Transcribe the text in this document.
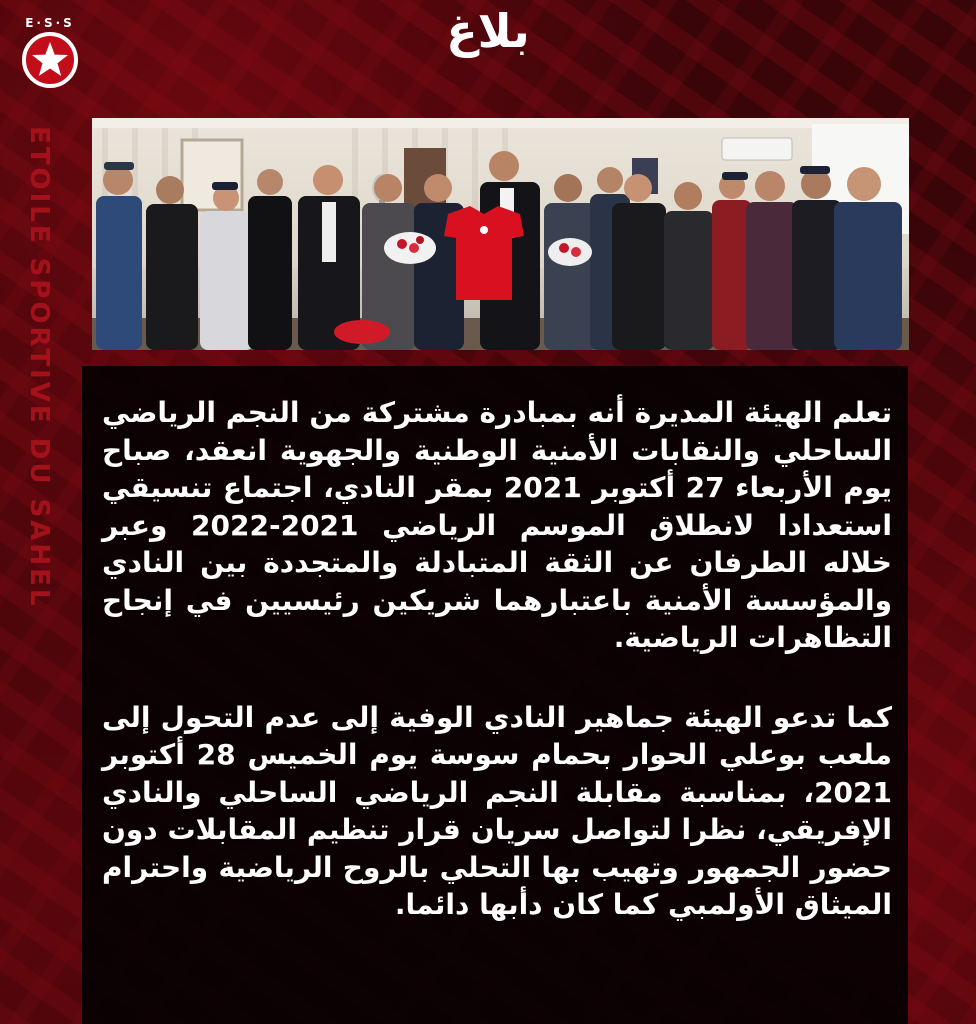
E·S·S	بلاغ
ETOILE SPORTIVE DU SAHEL تعلم الهيئة المديرة أنه بمبادرة مشتركة من النجم الرياضي الساحلي والنقابات الأمنية الوطنية والجهوية انعقد، صباح يوم الأربعاء 27 أكتوبر 2021 بمقر النادي، اجتماع تنسيقي استعدادا لانطلاق الموسم الرياضي 2021-2022 وعبر خلاله الطرفان عن الثقة المتبادلة والمتجددة بين النادي والمؤسسة الأمنية باعتبارهما شريكين رئيسيين في إنجاح التظاهرات الرياضية.

كما تدعو الهيئة جماهير النادي الوفية إلى عدم التحول إلى ملعب بوعلي الحوار بحمام سوسة يوم الخميس 28 أكتوبر 2021، بمناسبة مقابلة النجم الرياضي الساحلي والنادي الإفريقي، نظرا لتواصل سريان قرار تنظيم المقابلات دون حضور الجمهور وتهيب بها التحلي بالروح الرياضية واحترام الميثاق الأولمبي كما كان دأبها دائما.
